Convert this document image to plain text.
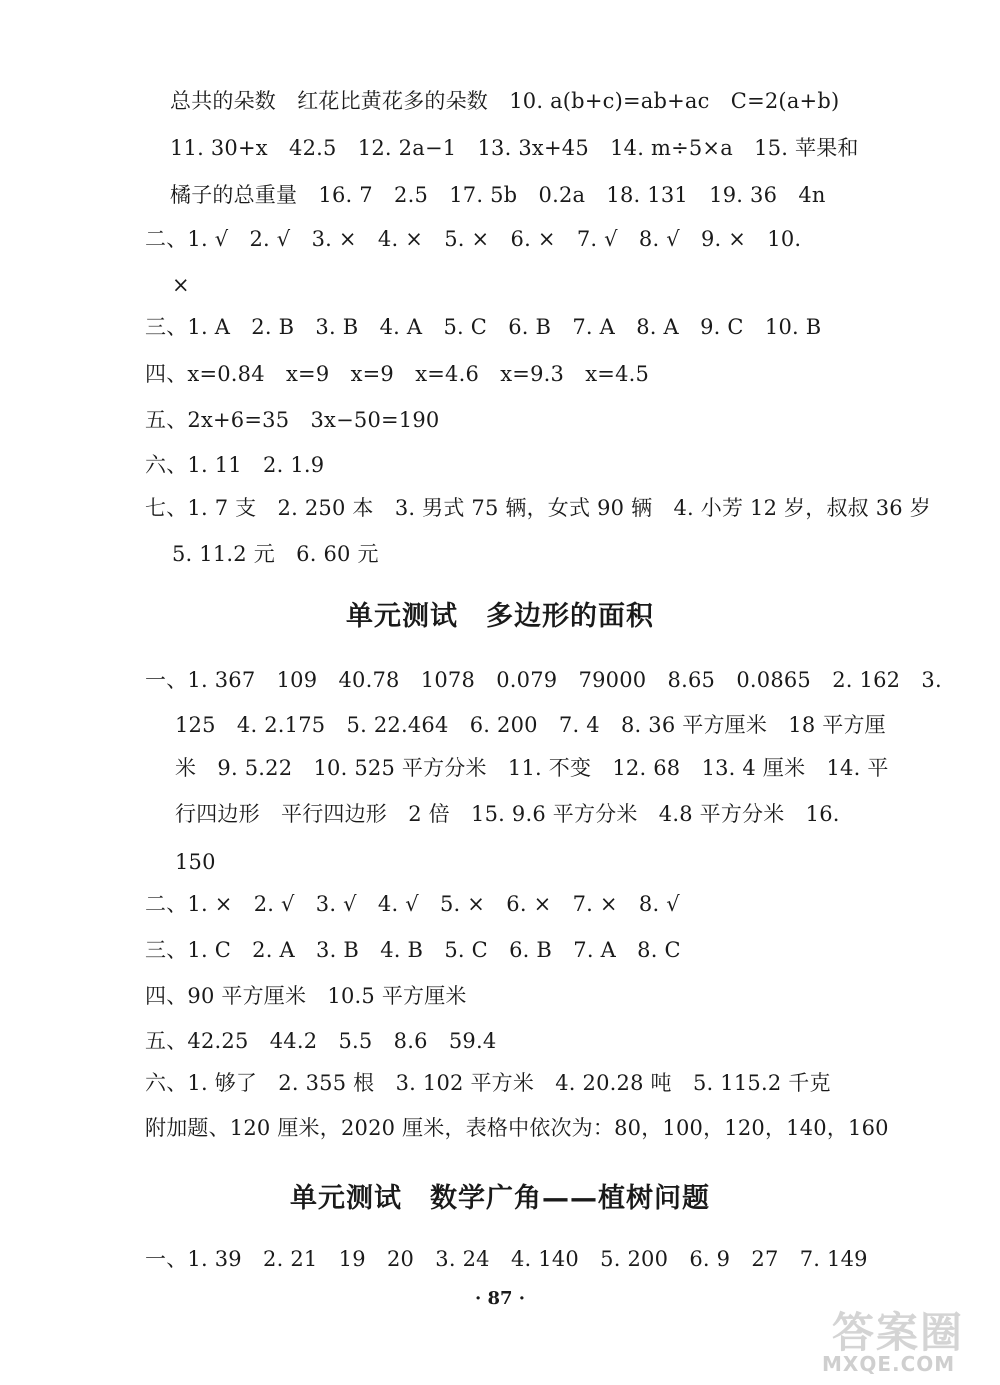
总共的朵数　红花比黄花多的朵数　10. a(b+c)=ab+ac　C=2(a+b)
11. 30+x　42.5　12. 2a−1　13. 3x+45　14. m÷5×a　15. 苹果和
橘子的总重量　16. 7　2.5　17. 5b　0.2a　18. 131　19. 36　4n
二、1. √　2. √　3. ×　4. ×　5. ×　6. ×　7. √　8. √　9. ×　10.
×
三、1. A　2. B　3. B　4. A　5. C　6. B　7. A　8. A　9. C　10. B
四、x=0.84　x=9　x=9　x=4.6　x=9.3　x=4.5
五、2x+6=35　3x−50=190
六、1. 11　2. 1.9
七、1. 7 支　2. 250 本　3. 男式 75 辆，女式 90 辆　4. 小芳 12 岁，叔叔 36 岁
5. 11.2 元　6. 60 元
单元测试　多边形的面积
一、1. 367　109　40.78　1078　0.079　79000　8.65　0.0865　2. 162　3.
125　4. 2.175　5. 22.464　6. 200　7. 4　8. 36 平方厘米　18 平方厘
米　9. 5.22　10. 525 平方分米　11. 不变　12. 68　13. 4 厘米　14. 平
行四边形　平行四边形　2 倍　15. 9.6 平方分米　4.8 平方分米　16.
150
二、1. ×　2. √　3. √　4. √　5. ×　6. ×　7. ×　8. √
三、1. C　2. A　3. B　4. B　5. C　6. B　7. A　8. C
四、90 平方厘米　10.5 平方厘米
五、42.25　44.2　5.5　8.6　59.4
六、1. 够了　2. 355 根　3. 102 平方米　4. 20.28 吨　5. 115.2 千克
附加题、120 厘米，2020 厘米，表格中依次为：80，100，120，140，160
单元测试　数学广角——植树问题
一、1. 39　2. 21　19　20　3. 24　4. 140　5. 200　6. 9　27　7. 149
· 87 ·
答案圈
MXQE.COM
